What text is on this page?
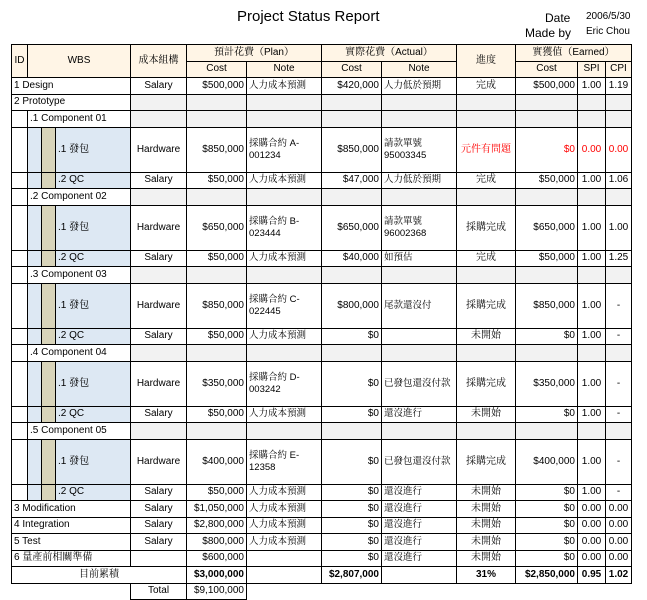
Project Status Report	Date 2006/5/30
Made by Eric Chou
ID	WBS			成本組構	預計花費（Plan）		實際花費（Actual）		進度	實獲值（Earned）		
					Cost	Note	Cost	Note		Cost	SPI	CPI
1 Design				Salary	$500,000	人力成本預測	$420,000	人力低於預期	完成	$500,000	1.00	1.19
2 Prototype												
	.1 Component 01											
			.1 發包	Hardware	$850,000	採購合約 A-001234	$850,000	請款單號 95003345	元件有問題	$0	0.00	0.00
			.2 QC	Salary	$50,000	人力成本預測	$47,000	人力低於預期	完成	$50,000	1.00	1.06
	.2 Component 02											
			.1 發包	Hardware	$650,000	採購合約 B-023444	$650,000	請款單號 96002368	採購完成	$650,000	1.00	1.00
			.2 QC	Salary	$50,000	人力成本預測	$40,000	如預估	完成	$50,000	1.00	1.25
	.3 Component 03											
			.1 發包	Hardware	$850,000	採購合約 C-022445	$800,000	尾款還沒付	採購完成	$850,000	1.00	-
			.2 QC	Salary	$50,000	人力成本預測	$0		未開始	$0	1.00	-
	.4 Component 04											
			.1 發包	Hardware	$350,000	採購合約 D-003242	$0	已發包還沒付款	採購完成	$350,000	1.00	-
			.2 QC	Salary	$50,000	人力成本預測	$0	還沒進行	未開始	$0	1.00	-
	.5 Component 05											
			.1 發包	Hardware	$400,000	採購合約 E-12358	$0	已發包還沒付款	採購完成	$400,000	1.00	-
			.2 QC	Salary	$50,000	人力成本預測	$0	還沒進行	未開始	$0	1.00	-
3 Modification				Salary	$1,050,000	人力成本預測	$0	還沒進行	未開始	$0	0.00	0.00
4 Integration				Salary	$2,800,000	人力成本預測	$0	還沒進行	未開始	$0	0.00	0.00
5 Test				Salary	$800,000	人力成本預測	$0	還沒進行	未開始	$0	0.00	0.00
6 量產前相關準備					$600,000		$0	還沒進行	未開始	$0	0.00	0.00
目前累積					$3,000,000		$2,807,000		31%	$2,850,000	0.95	1.02
				Total	$9,100,000							
